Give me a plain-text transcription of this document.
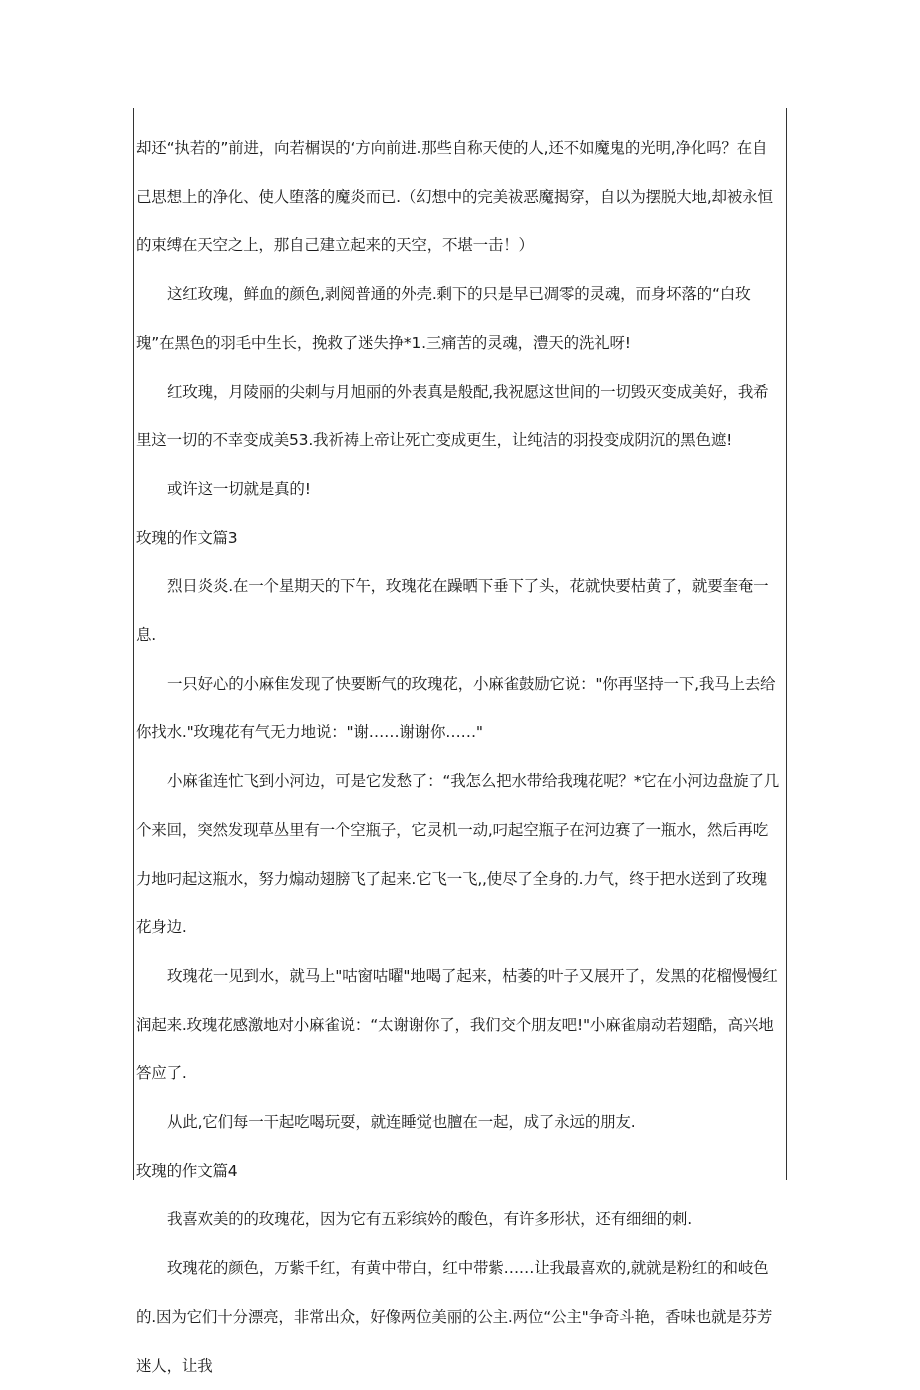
却还“执若的”前进，向若榍误的‘方向前进.那些自称天使的人,还不如魔鬼的光明,净化吗？在自己思想上的净化、使人堕落的魔炎而已.（幻想中的完美祓恶魔揭穿，自以为摆脱大地,却被永恒的束缚在天空之上，那自己建立起来的天空，不堪一击！）

这红玫瑰，鲜血的颜色,剥阅普通的外壳.剩下的只是早已凋零的灵魂，而身坏落的“白玫瑰”在黑色的羽毛中生长，挽救了迷失挣*1.三痛苦的灵魂，澧天的洗礼呀!

红玫瑰，月陵丽的尖刺与月旭丽的外表真是般配,我祝愿这世间的一切毁灭变成美好，我希里这一切的不幸变成美53.我祈祷上帝让死亡变成更生，让纯洁的羽投变成阴沉的黑色遮!

或许这一切就是真的!

玫瑰的作文篇3

烈日炎炎.在一个星期天的下午，玫瑰花在躁晒下垂下了头，花就快要枯黄了，就要奎奄一息.

一只好心的小麻隹发现了快要断气的玫瑰花，小麻雀鼓励它说："你再坚持一下,我马上去给你找水."玫瑰花有气无力地说："谢……谢谢你……"

小麻雀连忙飞到小河边，可是它发愁了：“我怎么把水带给我瑰花呢？*它在小河边盘旋了几个来回，突然发现草丛里有一个空瓶子，它灵机一动,叼起空瓶子在河边赛了一瓶水，然后再吃力地叼起这瓶水，努力煽动翅膀飞了起来.它飞一飞,,使尽了全身的.力气，终于把水送到了玫瑰花身边.

玫瑰花一见到水，就马上"咕窗咕曜"地喝了起来，枯萎的叶子又展开了，发黑的花榴慢慢红润起来.玫瑰花感激地对小麻雀说：“太谢谢你了，我们交个朋友吧!"小麻雀扇动若翅酷，高兴地答应了.

从此,它们每一干起吃喝玩耍，就连睡觉也膻在一起，成了永远的朋友.

玫瑰的作文篇4

我喜欢美的的玫瑰花，因为它有五彩缤妗的酸色，有许多形状，还有细细的刺.

玫瑰花的颜色，万紫千红，有黄中带白，红中带紫……让我最喜欢的,就就是粉红的和岐色的.因为它们十分漂亮，非常出众，好像两位美丽的公主.两位“公主"争奇斗艳，香味也就是芬芳迷人，让我
